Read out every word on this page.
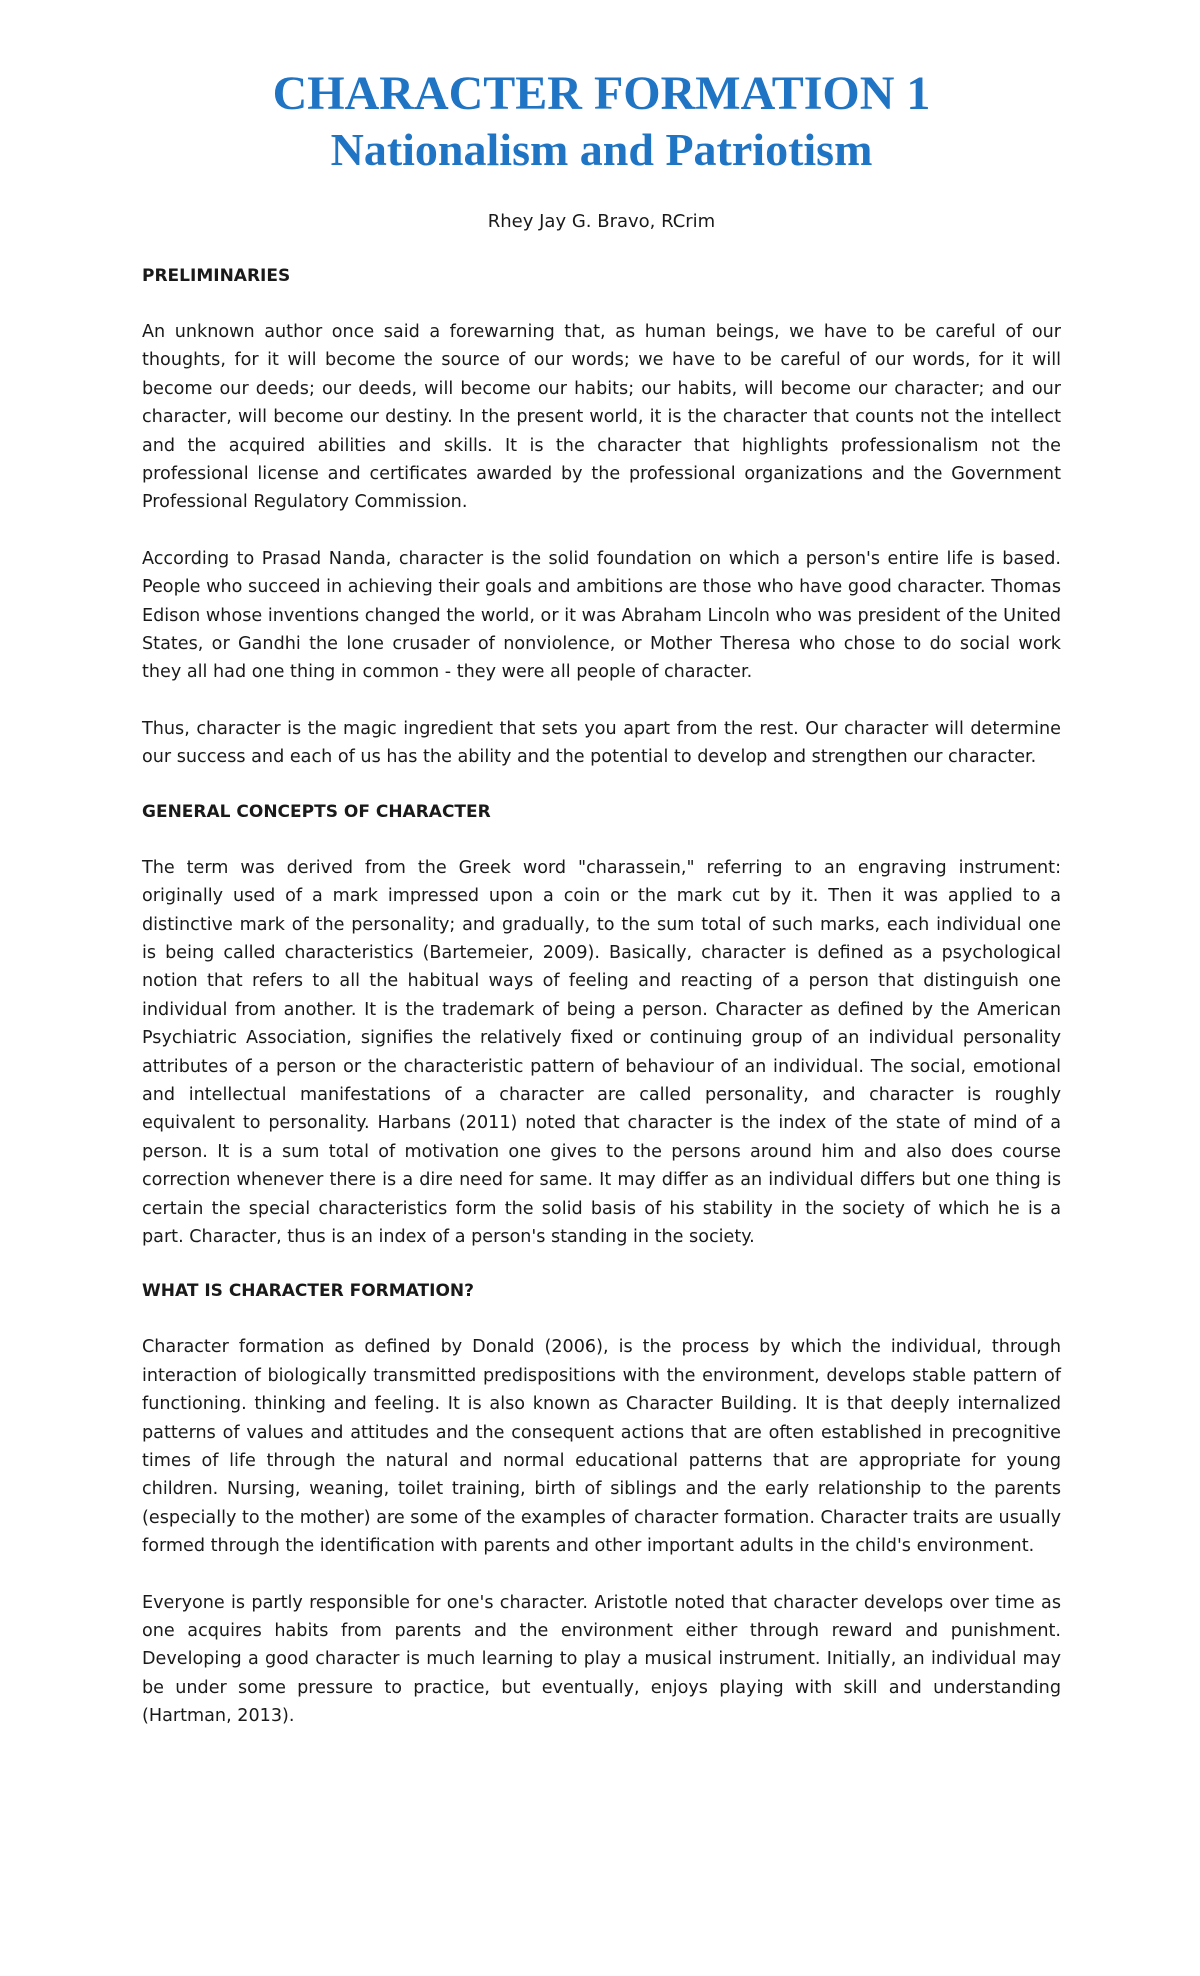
CHARACTER FORMATION 1
Nationalism and Patriotism
Rhey Jay G. Bravo, RCrim
PRELIMINARIES

An unknown author once said a forewarning that, as human beings, we have to be careful of our thoughts, for it will become the source of our words; we have to be careful of our words, for it will become our deeds; our deeds, will become our habits; our habits, will become our character; and our character, will become our destiny. In the present world, it is the character that counts not the intellect and the acquired abilities and skills. It is the character that highlights professionalism not the professional license and certificates awarded by the professional organizations and the Government Professional Regulatory Commission.

According to Prasad Nanda, character is the solid foundation on which a person's entire life is based. People who succeed in achieving their goals and ambitions are those who have good character. Thomas Edison whose inventions changed the world, or it was Abraham Lincoln who was president of the United States, or Gandhi the lone crusader of nonviolence, or Mother Theresa who chose to do social work they all had one thing in common - they were all people of character.

Thus, character is the magic ingredient that sets you apart from the rest. Our character will determine our success and each of us has the ability and the potential to develop and strengthen our character.

GENERAL CONCEPTS OF CHARACTER

The term was derived from the Greek word "charassein," referring to an engraving instrument: originally used of a mark impressed upon a coin or the mark cut by it. Then it was applied to a distinctive mark of the personality; and gradually, to the sum total of such marks, each individual one is being called characteristics (Bartemeier, 2009). Basically, character is defined as a psychological notion that refers to all the habitual ways of feeling and reacting of a person that distinguish one individual from another. It is the trademark of being a person. Character as defined by the American Psychiatric Association, signifies the relatively fixed or continuing group of an individual personality attributes of a person or the characteristic pattern of behaviour of an individual. The social, emotional and intellectual manifestations of a character are called personality, and character is roughly equivalent to personality. Harbans (2011) noted that character is the index of the state of mind of a person. It is a sum total of motivation one gives to the persons around him and also does course correction whenever there is a dire need for same. It may differ as an individual differs but one thing is certain the special characteristics form the solid basis of his stability in the society of which he is a part. Character, thus is an index of a person's standing in the society.

WHAT IS CHARACTER FORMATION?

Character formation as defined by Donald (2006), is the process by which the individual, through interaction of biologically transmitted predispositions with the environment, develops stable pattern of functioning. thinking and feeling. It is also known as Character Building. It is that deeply internalized patterns of values and attitudes and the consequent actions that are often established in precognitive times of life through the natural and normal educational patterns that are appropriate for young children. Nursing, weaning, toilet training, birth of siblings and the early relationship to the parents (especially to the mother) are some of the examples of character formation. Character traits are usually formed through the identification with parents and other important adults in the child's environment.

Everyone is partly responsible for one's character. Aristotle noted that character develops over time as one acquires habits from parents and the environment either through reward and punishment. Developing a good character is much learning to play a musical instrument. Initially, an individual may be under some pressure to practice, but eventually, enjoys playing with skill and understanding (Hartman, 2013).
